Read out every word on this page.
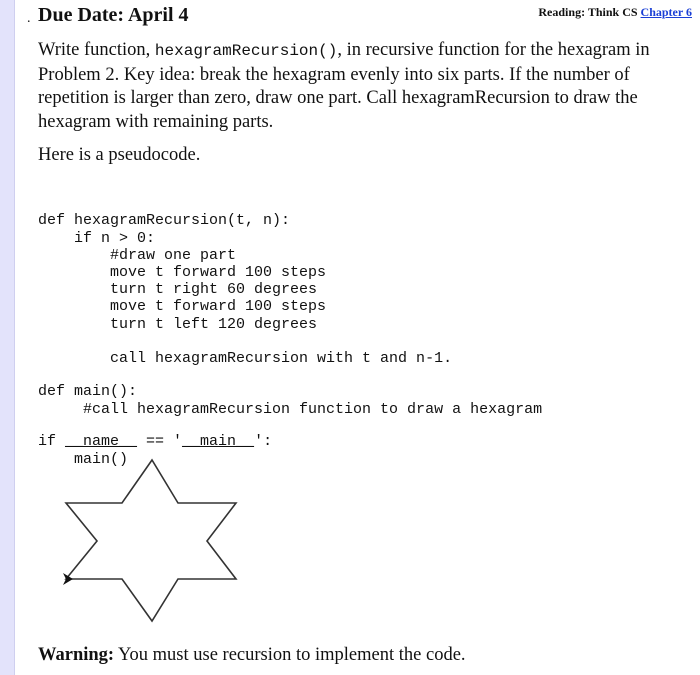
. Due Date: April 4	Reading: Think CS Chapter 6

Write function, hexagramRecursion(), in recursive function for the hexagram in Problem 2. Key idea: break the hexagram evenly into six parts. If the number of repetition is larger than zero, draw one part. Call hexagramRecursion to draw the hexagram with remaining parts.

Here is a pseudocode.

def hexagramRecursion(t, n):
if n > 0:
#draw one part
move t forward 100 steps
turn t right 60 degrees
move t forward 100 steps
turn t left 120 degrees
call hexagramRecursion with t and n-1.

def main():
#call hexagramRecursion function to draw a hexagram

if __name__ == '__main__':
main()

Warning: You must use recursion to implement the code.
